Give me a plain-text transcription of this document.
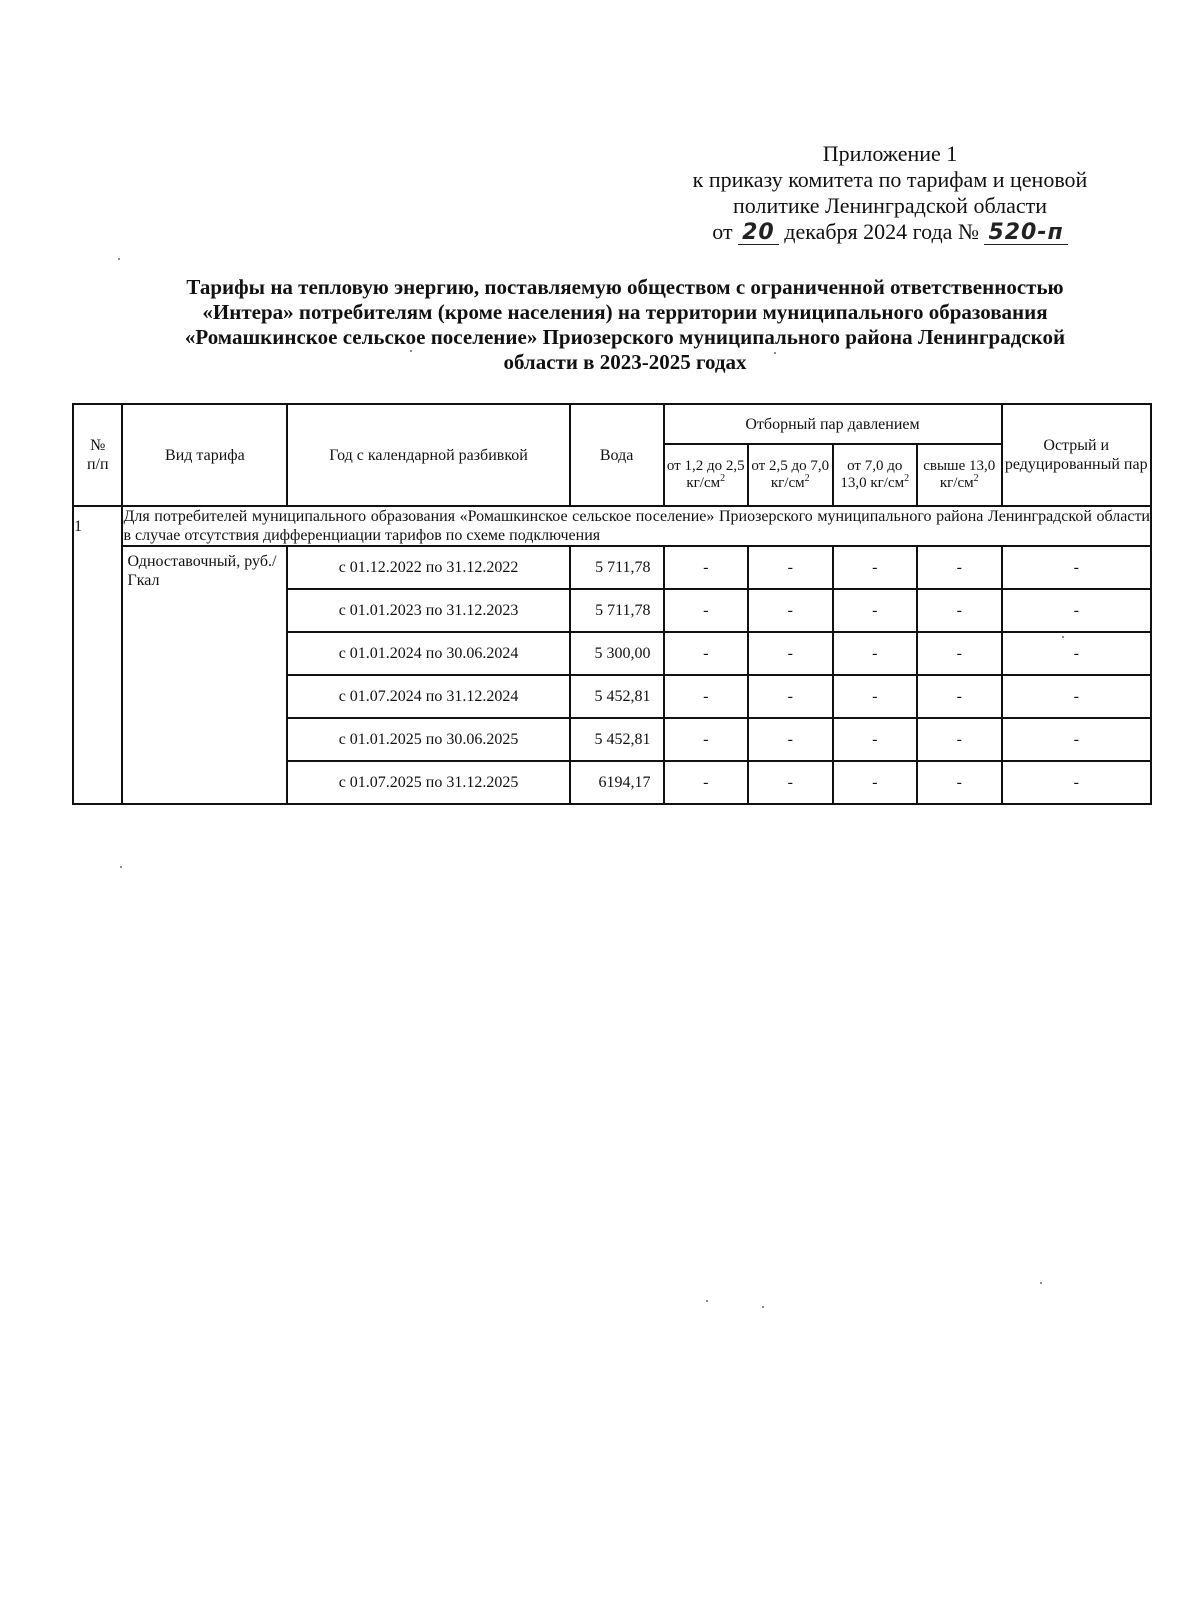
Приложение 1
к приказу комитета по тарифам и ценовой
политике Ленинградской области
от 20 декабря 2024 года № 520-п
Тарифы на тепловую энергию, поставляемую обществом с ограниченной ответственностью
«Интера» потребителям (кроме населения) на территории муниципального образования
«Ромашкинское сельское поселение» Приозерского муниципального района Ленинградской
области в 2023-2025 годах
№
п/п	Вид тарифа	Год с календарной разбивкой	Вода	Отборный пар давлением				Острый и редуцированный пар
				от 1,2 до 2,5 $кг/см^2$	от 2,5 до 7,0 $кг/см^2$	от 7,0 до 13,0 $кг/см^2$	свыше 13,0 $кг/см^2$
1	Для потребителей муниципального образования «Ромашкинское сельское поселение» Приозерского муниципального района Ленинградской области в случае отсутствия дифференциации тарифов по схеме подключения							
	Одноставочный, руб./Гкал	с 01.12.2022 по 31.12.2022	5 711,78	-	-	-	-	-
		с 01.01.2023 по 31.12.2023	5 711,78	-	-	-	-	-
		с 01.01.2024 по 30.06.2024	5 300,00	-	-	-	-	-
		с 01.07.2024 по 31.12.2024	5 452,81	-	-	-	-	-
		с 01.01.2025 по 30.06.2025	5 452,81	-	-	-	-	-
		с 01.07.2025 по 31.12.2025	6194,17	-	-	-	-	-
